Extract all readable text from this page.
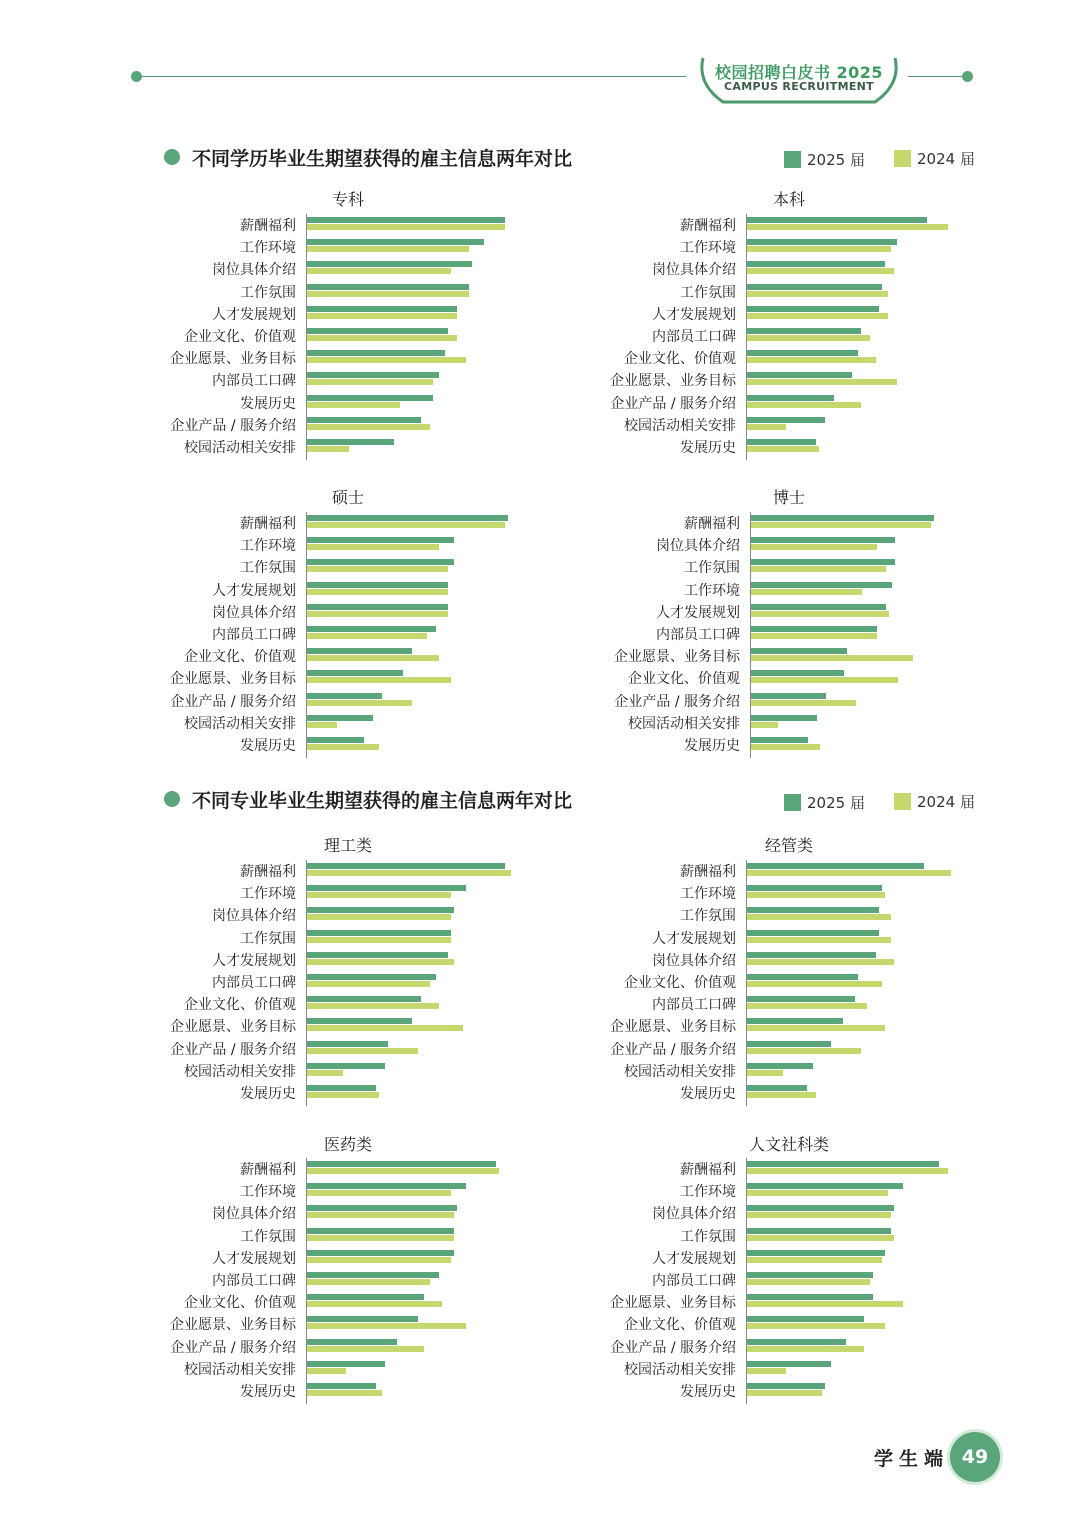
校园招聘白皮书 2025
CAMPUS RECRUITMENT
不同学历毕业生期望获得的雇主信息两年对比	2025 届	2024 届
不同专业毕业生期望获得的雇主信息两年对比	2025 届	2024 届
学生端 49
专科
薪酬福利
工作环境
岗位具体介绍
工作氛围
人才发展规划
企业文化、价值观
企业愿景、业务目标
内部员工口碑
发展历史
企业产品 / 服务介绍
校园活动相关安排
本科
薪酬福利
工作环境
岗位具体介绍
工作氛围
人才发展规划
内部员工口碑
企业文化、价值观
企业愿景、业务目标
企业产品 / 服务介绍
校园活动相关安排
发展历史
硕士
薪酬福利
工作环境
工作氛围
人才发展规划
岗位具体介绍
内部员工口碑
企业文化、价值观
企业愿景、业务目标
企业产品 / 服务介绍
校园活动相关安排
发展历史
博士
薪酬福利
岗位具体介绍
工作氛围
工作环境
人才发展规划
内部员工口碑
企业愿景、业务目标
企业文化、价值观
企业产品 / 服务介绍
校园活动相关安排
发展历史
理工类
薪酬福利
工作环境
岗位具体介绍
工作氛围
人才发展规划
内部员工口碑
企业文化、价值观
企业愿景、业务目标
企业产品 / 服务介绍
校园活动相关安排
发展历史
经管类
薪酬福利
工作环境
工作氛围
人才发展规划
岗位具体介绍
企业文化、价值观
内部员工口碑
企业愿景、业务目标
企业产品 / 服务介绍
校园活动相关安排
发展历史
医药类
薪酬福利
工作环境
岗位具体介绍
工作氛围
人才发展规划
内部员工口碑
企业文化、价值观
企业愿景、业务目标
企业产品 / 服务介绍
校园活动相关安排
发展历史
人文社科类
薪酬福利
工作环境
岗位具体介绍
工作氛围
人才发展规划
内部员工口碑
企业愿景、业务目标
企业文化、价值观
企业产品 / 服务介绍
校园活动相关安排
发展历史
